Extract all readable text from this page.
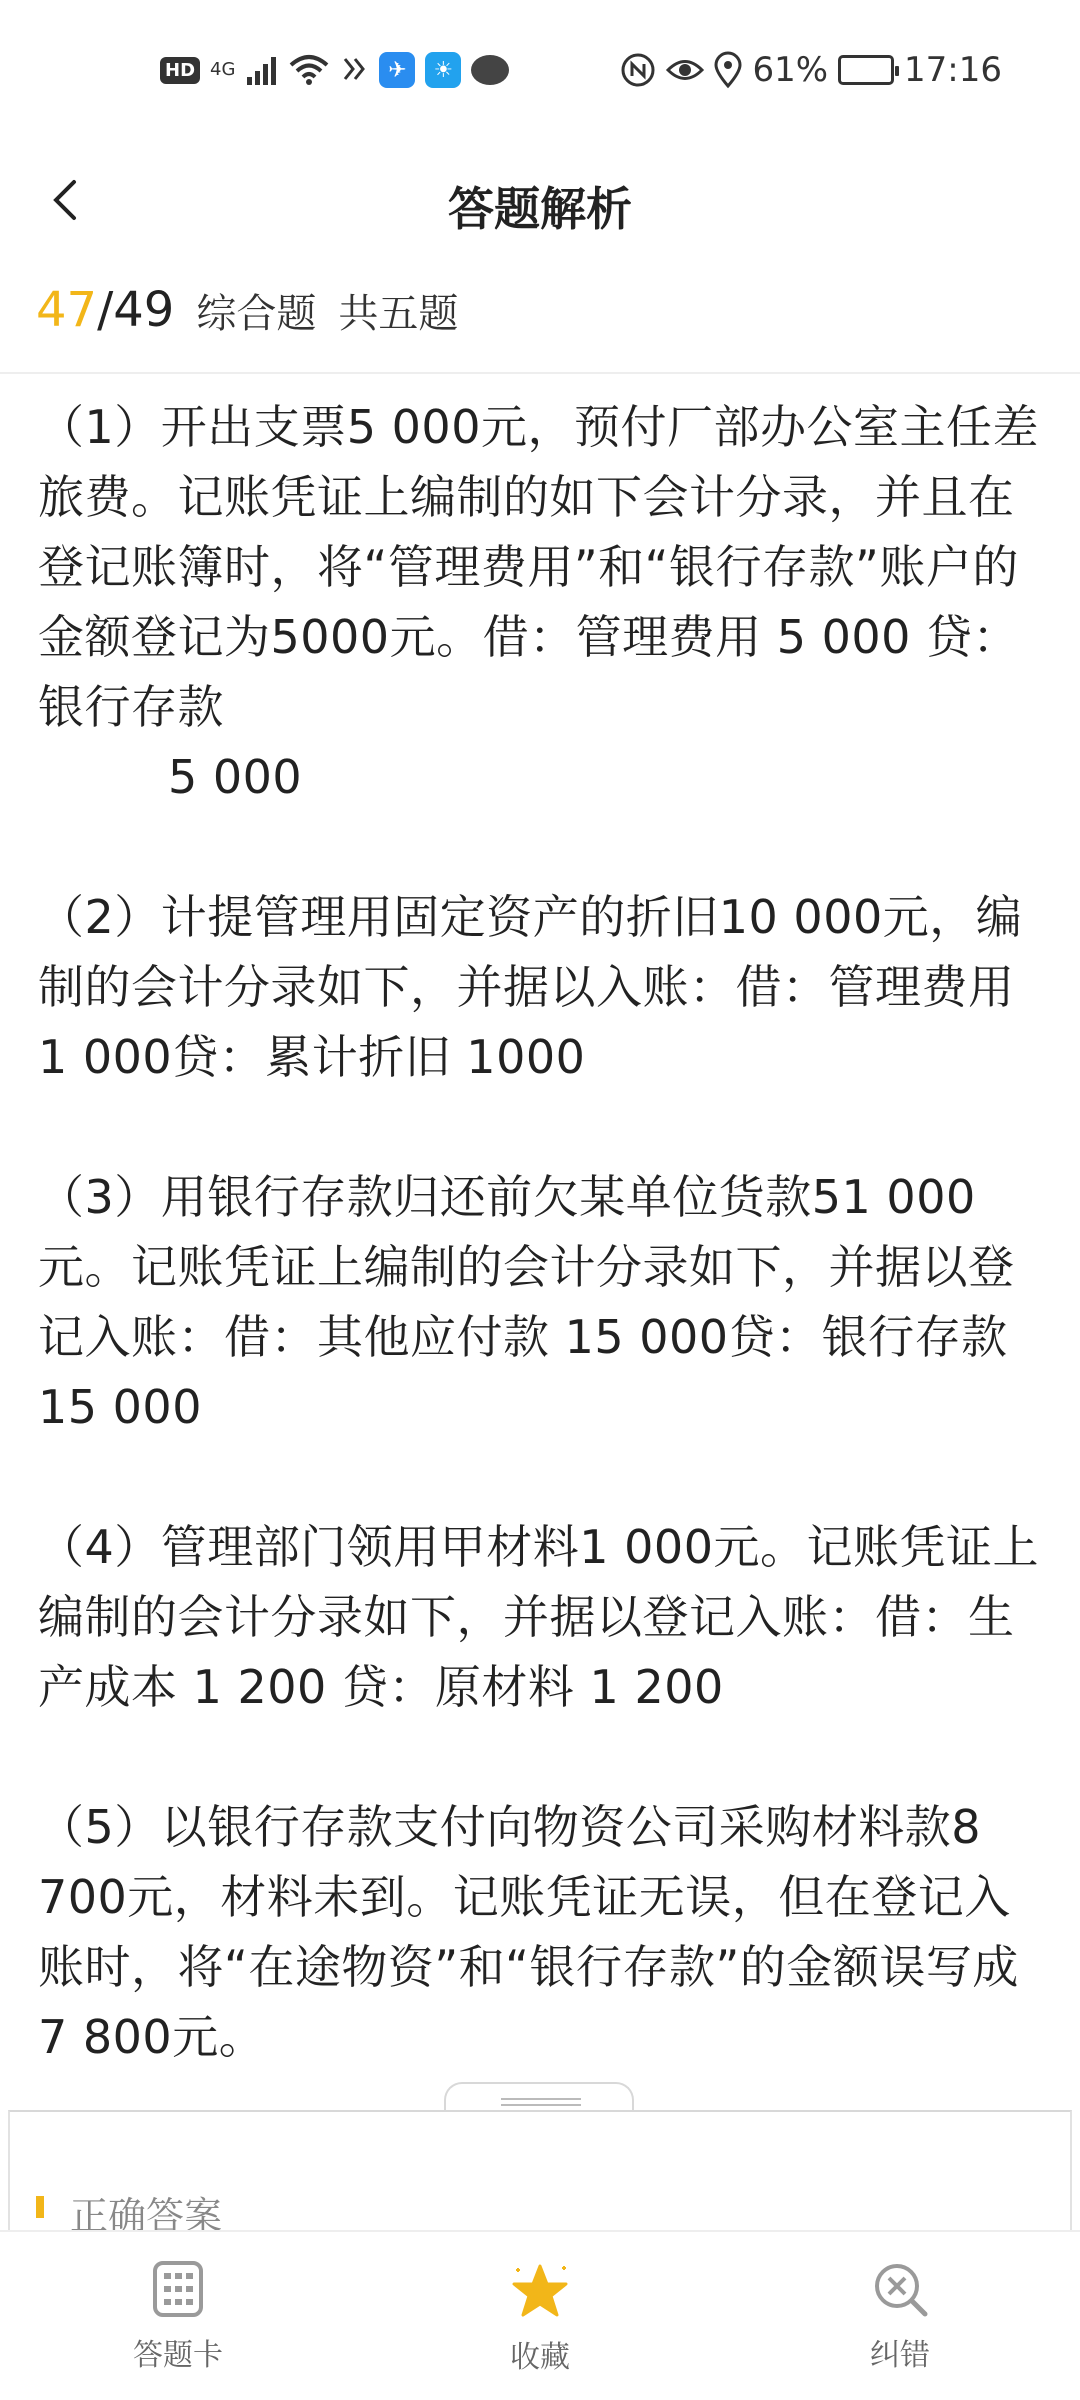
HD 4G	✈	☀	61% 17:16
答题解析
47 /49 综合题 共五题

（1）开出支票5 000元，预付厂部办公室主任差旅费。记账凭证上编制的如下会计分录，并且在登记账簿时，将“管理费用”和“银行存款”账户的金额登记为5000元。借：管理费用 5 000 贷：银行存款
5 000

（2）计提管理用固定资产的折旧10 000元，编制的会计分录如下，并据以入账：借：管理费用 1 000贷：累计折旧 1000

（3）用银行存款归还前欠某单位货款51 000元。记账凭证上编制的会计分录如下，并据以登记入账：借：其他应付款 15 000贷：银行存款 15 000

（4）管理部门领用甲材料1 000元。记账凭证上编制的会计分录如下，并据以登记入账：借：生产成本 1 200 贷：原材料 1 200

（5）以银行存款支付向物资公司采购材料款8 700元，材料未到。记账凭证无误，但在登记入账时，将“在途物资”和“银行存款”的金额误写成7 800元。

答题卡	收藏	纠错
